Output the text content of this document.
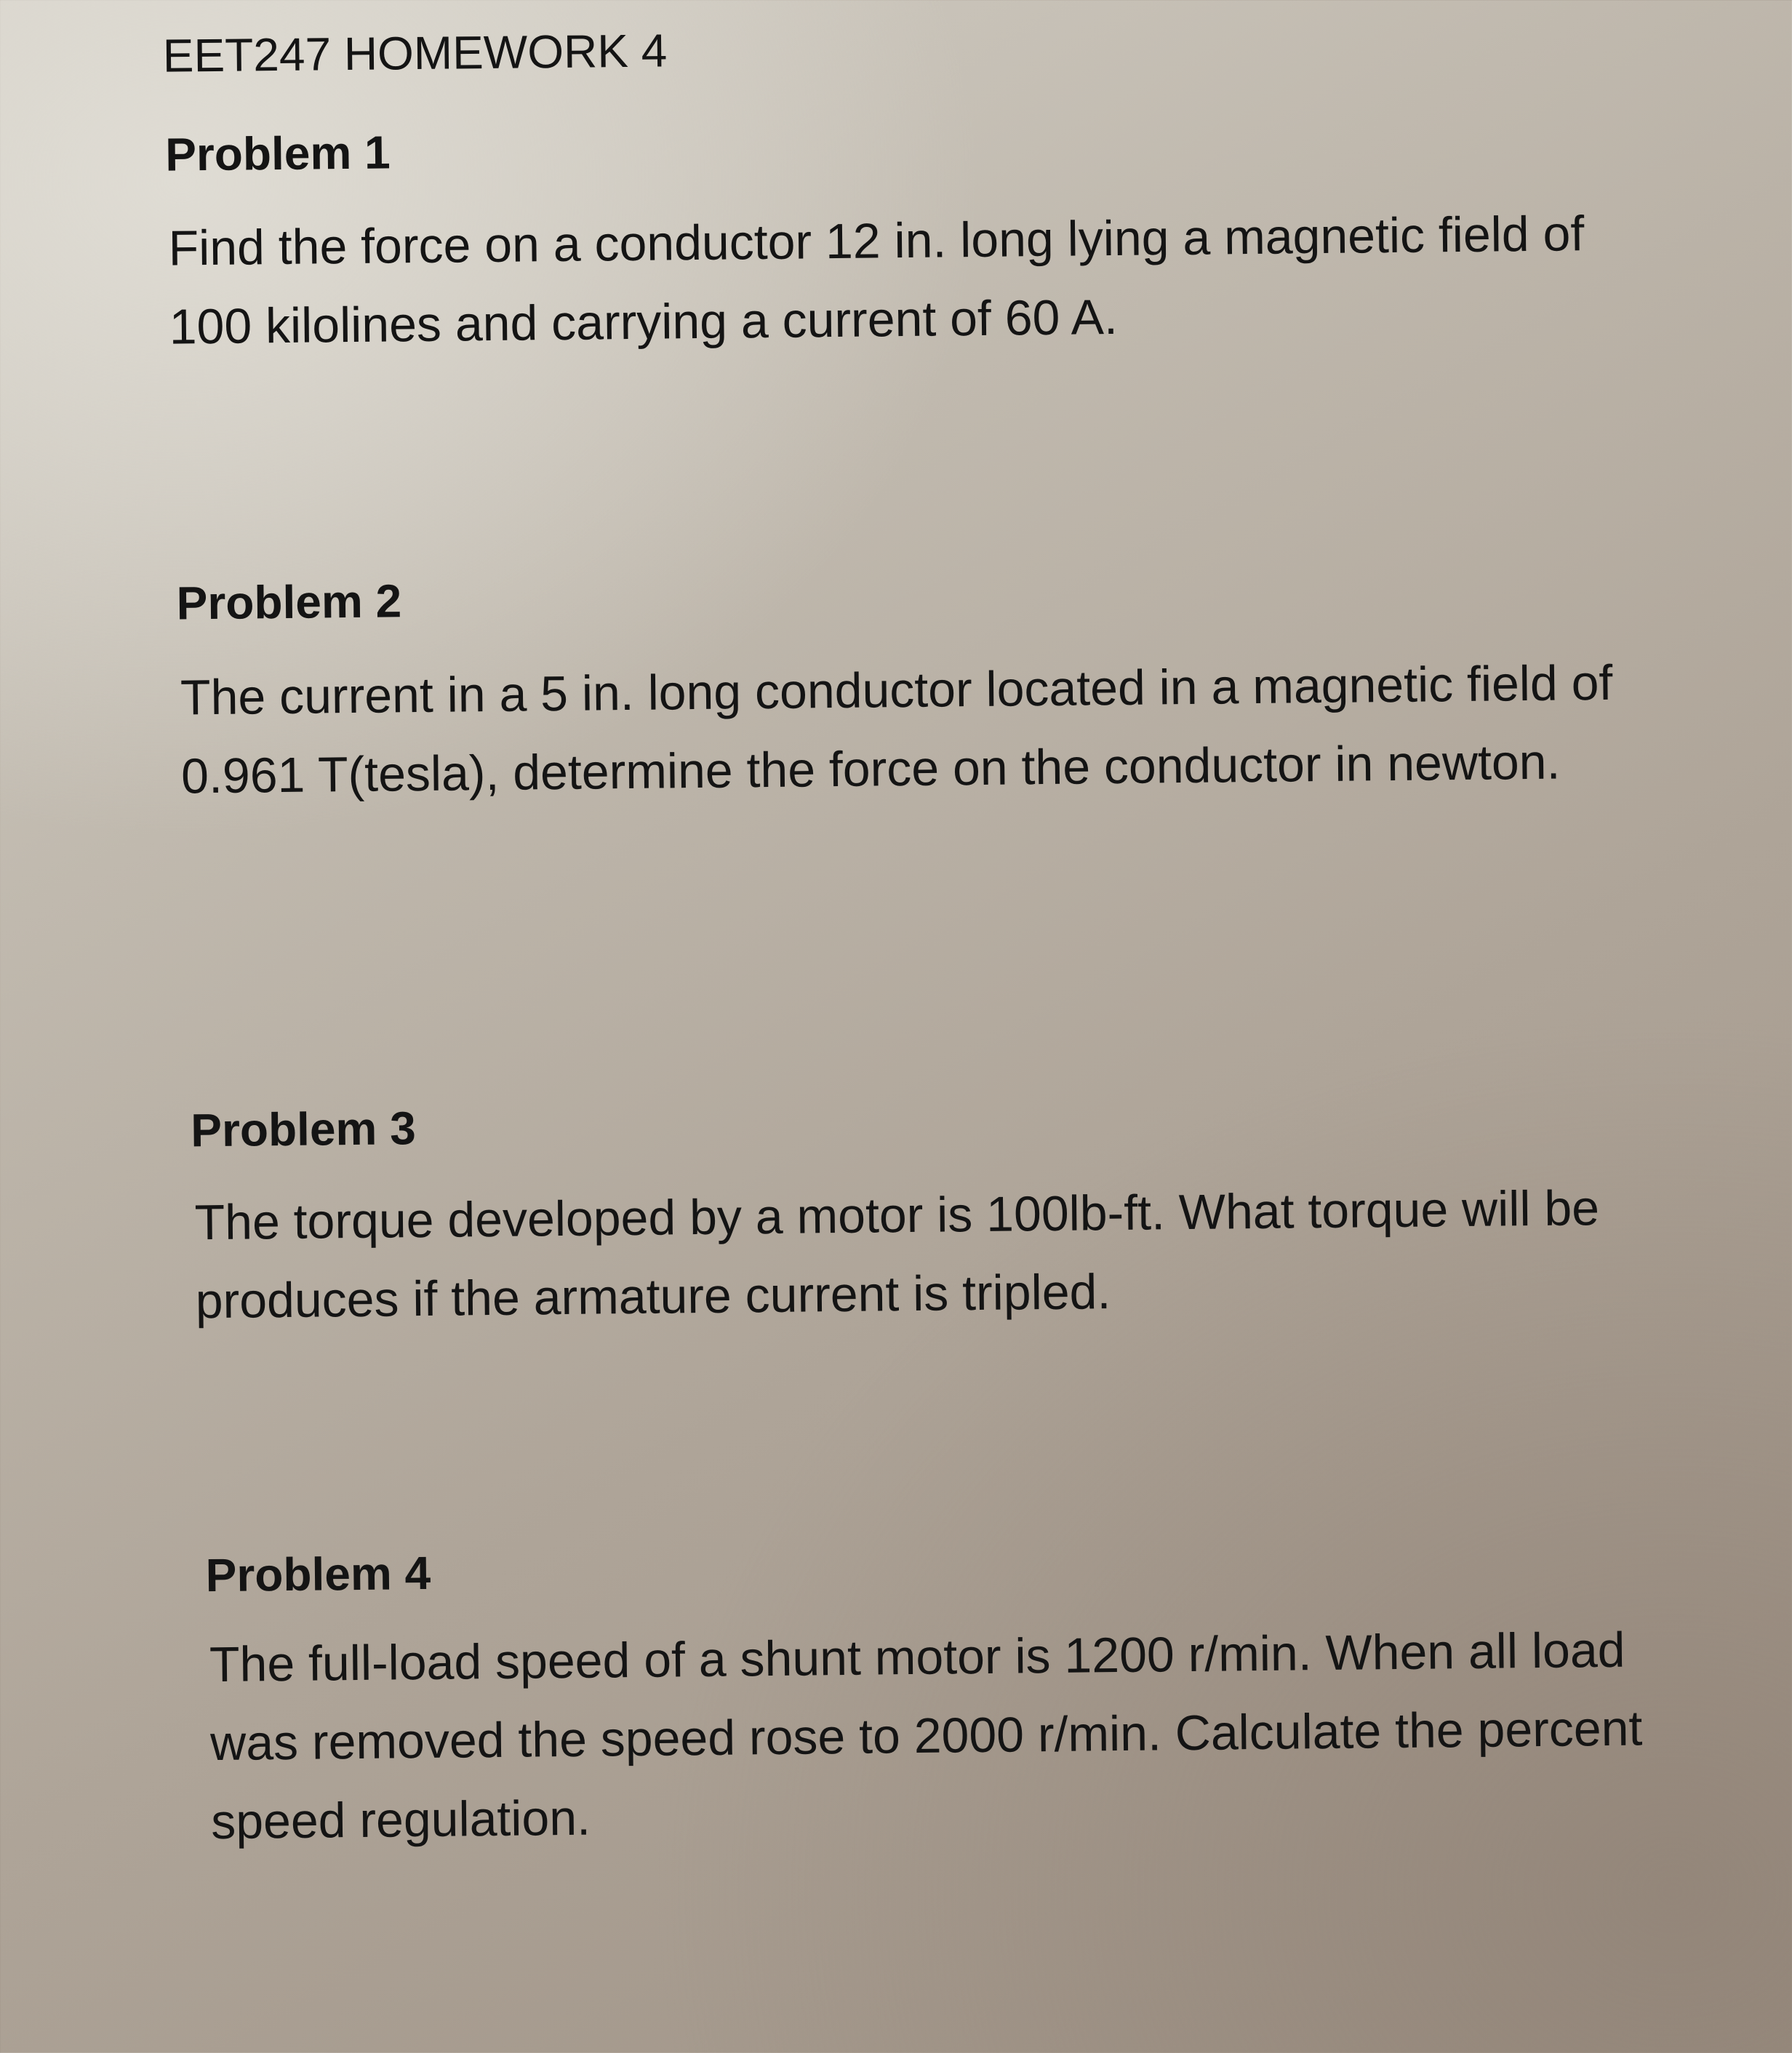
EET247 HOMEWORK 4
Problem 1

Find the force on a conductor 12 in. long lying a magnetic field of 100 kilolines and carrying a current of 60 A.

Problem 2

The current in a 5 in. long conductor located in a magnetic field of 0.961 T(tesla), determine the force on the conductor in newton.

Problem 3

The torque developed by a motor is 100lb-ft. What torque will be produces if the armature current is tripled.

Problem 4

The full-load speed of a shunt motor is 1200 r/min. When all load was removed the speed rose to 2000 r/min. Calculate the percent speed regulation.
